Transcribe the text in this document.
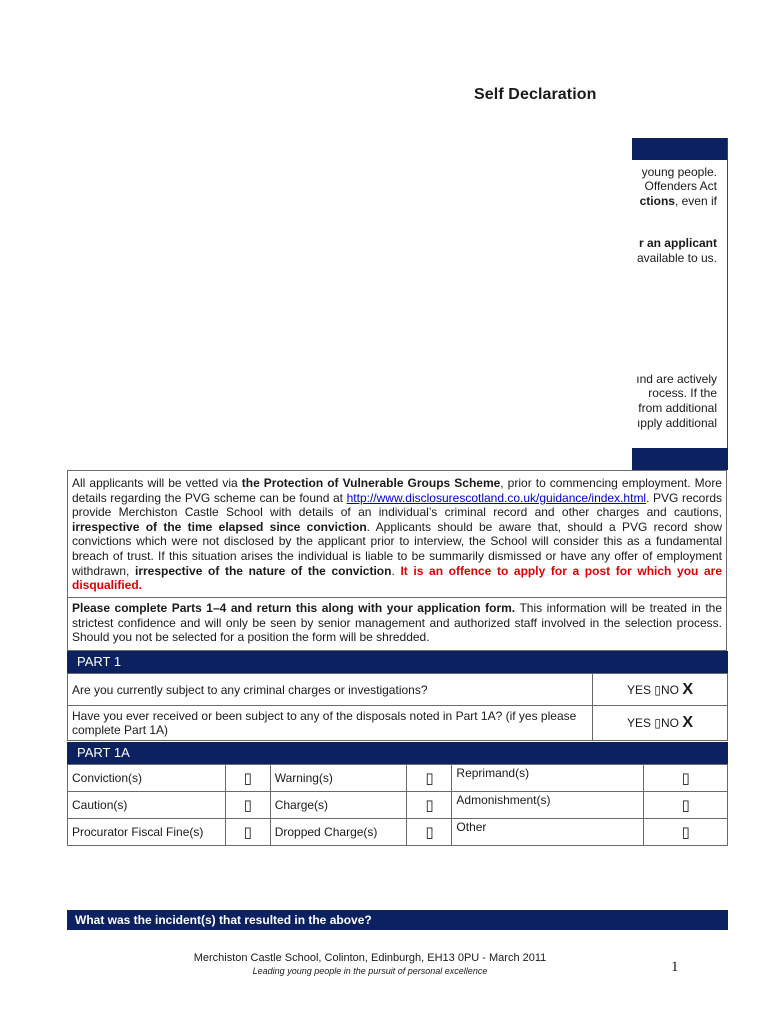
Self Declaration
young people.
Offenders Act
ctions, even if
r an applicant
available to us.
ınd are actively
rocess. If the
from additional
ıpply additional

All applicants will be vetted via the Protection of Vulnerable Groups Scheme, prior to commencing employment. More details regarding the PVG scheme can be found at http://www.disclosurescotland.co.uk/guidance/index.html. PVG records provide Merchiston Castle School with details of an individual’s criminal record and other charges and cautions, irrespective of the time elapsed since conviction. Applicants should be aware that, should a PVG record show convictions which were not disclosed by the applicant prior to interview, the School will consider this as a fundamental breach of trust. If this situation arises the individual is liable to be summarily dismissed or have any offer of employment withdrawn, irrespective of the nature of the conviction. It is an offence to apply for a post for which you are disqualified.

Please complete Parts 1–4 and return this along with your application form. This information will be treated in the strictest confidence and will only be seen by senior management and authorized staff involved in the selection process. Should you not be selected for a position the form will be shredded.

PART 1
Are you currently subject to any criminal charges or investigations?	YES ▯NO X
Have you ever received or been subject to any of the disposals noted in Part 1A? (if yes please complete Part 1A)	YES ▯NO X
PART 1A
Conviction(s)	▯	Warning(s)	▯	Reprimand(s)	▯
Caution(s)	▯	Charge(s)	▯	Admonishment(s)	▯
Procurator Fiscal Fine(s)	▯	Dropped Charge(s)	▯	Other	▯
What was the incident(s) that resulted in the above?

Merchiston Castle School, Colinton, Edinburgh, EH13 0PU - March 2011

Leading young people in the pursuit of personal excellence	1
